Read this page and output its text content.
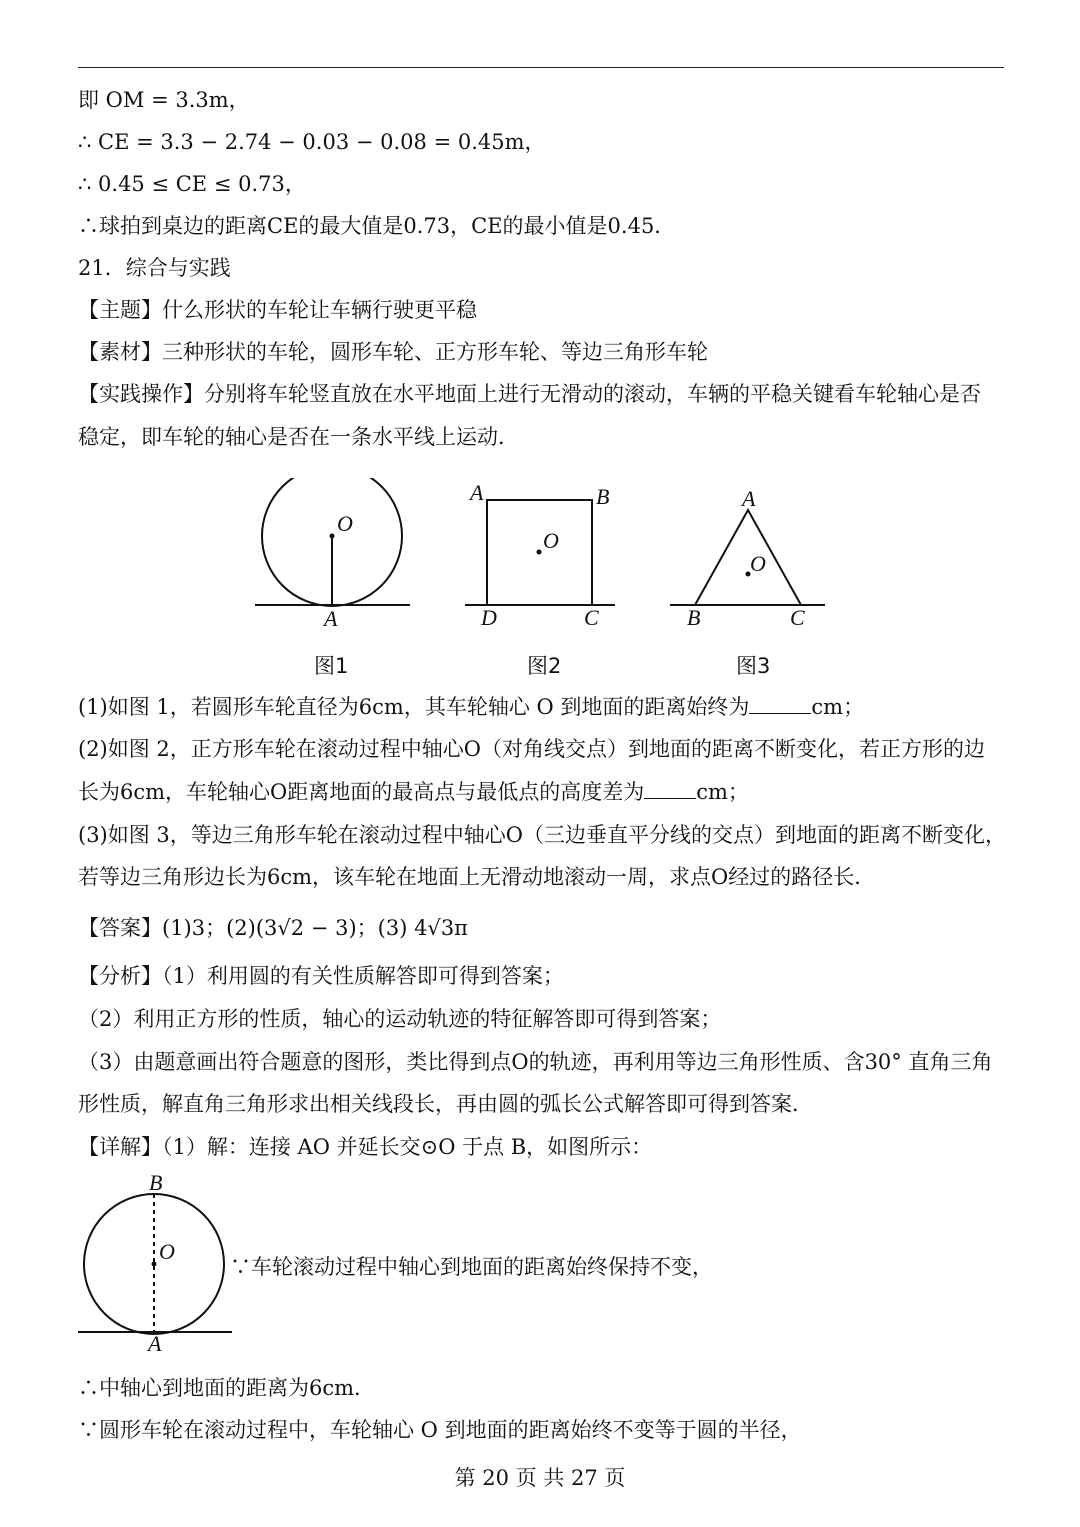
即 OM = 3.3m，
∴ CE = 3.3 − 2.74 − 0.03 − 0.08 = 0.45m，
∴ 0.45 ≤ CE ≤ 0.73，
∴球拍到桌边的距离CE的最大值是0.73，CE的最小值是0.45．
21．综合与实践
【主题】什么形状的车轮让车辆行驶更平稳
【素材】三种形状的车轮，圆形车轮、正方形车轮、等边三角形车轮
【实践操作】分别将车轮竖直放在水平地面上进行无滑动的滚动，车辆的平稳关键看车轮轴心是否
稳定，即车轮的轴心是否在一条水平线上运动．
O
A
O
A	B
D	C
O
A
B	C
图1	图2	图3
(1)如图 1，若圆形车轮直径为6cm，其车轮轴心 O 到地面的距离始终为	cm；
(2)如图 2，正方形车轮在滚动过程中轴心O（对角线交点）到地面的距离不断变化，若正方形的边
长为6cm，车轮轴心O距离地面的最高点与最低点的高度差为 cm；
(3)如图 3，等边三角形车轮在滚动过程中轴心O（三边垂直平分线的交点）到地面的距离不断变化，
若等边三角形边长为6cm，该车轮在地面上无滑动地滚动一周，求点O经过的路径长．
【答案】(1)3；(2)(3√2 − 3)；(3) 4√3π
【分析】（1）利用圆的有关性质解答即可得到答案；
（2）利用正方形的性质，轴心的运动轨迹的特征解答即可得到答案；
（3）由题意画出符合题意的图形，类比得到点O的轨迹，再利用等边三角形性质、含30° 直角三角
形性质，解直角三角形求出相关线段长，再由圆的弧长公式解答即可得到答案．
【详解】（1）解：连接 AO 并延长交⊙O 于点 B，如图所示：
B
O
A
∵车轮滚动过程中轴心到地面的距离始终保持不变，
∴中轴心到地面的距离为6cm．
∵圆形车轮在滚动过程中，车轮轴心 O 到地面的距离始终不变等于圆的半径，
第 20 页 共 27 页
